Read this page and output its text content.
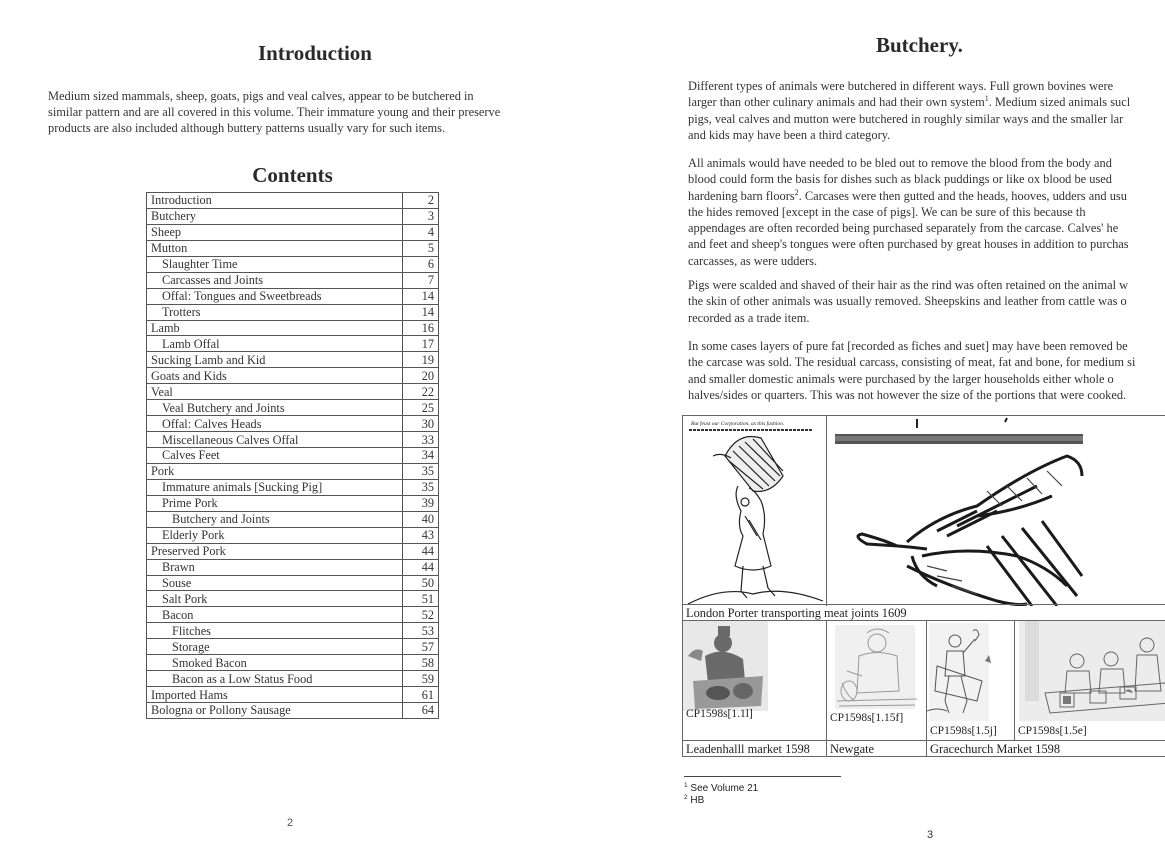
Introduction
Medium sized mammals, sheep, goats, pigs and veal calves, appear to be butchered in
similar pattern and are all covered in this volume. Their immature young and their preserve
products are also included although buttery patterns usually vary for such items.
Contents
Introduction	2
Butchery	3
Sheep	4
Mutton	5
Slaughter Time	6
Carcasses and Joints	7
Offal: Tongues and Sweetbreads	14
Trotters	14
Lamb	16
Lamb Offal	17
Sucking Lamb and Kid	19
Goats and Kids	20
Veal	22
Veal Butchery and Joints	25
Offal: Calves Heads	30
Miscellaneous Calves Offal	33
Calves Feet	34
Pork	35
Immature animals [Sucking Pig]	35
Prime Pork	39
Butchery and Joints	40
Elderly Pork	43
Preserved Pork	44
Brawn	44
Souse	50
Salt Pork	51
Bacon	52
Flitches	53
Storage	57
Smoked Bacon	58
Bacon as a Low Status Food	59
Imported Hams	61
Bologna or Pollony Sausage	64
2
Butchery.
Different types of animals were butchered in different ways. Full grown bovines were
larger than other culinary animals and had their own system$^1$. Medium sized animals sucl
pigs, veal calves and mutton were butchered in roughly similar ways and the smaller lar
and kids may have been a third category.
All animals would have needed to be bled out to remove the blood from the body and
blood could form the basis for dishes such as black puddings or like ox blood be used
hardening barn floors$^2$. Carcases were then gutted and the heads, hooves, udders and usu
the hides removed [except in the case of pigs]. We can be sure of this because th
appendages are often recorded being purchased separately from the carcase. Calves' he
and feet and sheep's tongues were often purchased by great houses in addition to purchas
carcasses, as were udders.
Pigs were scalded and shaved of their hair as the rind was often retained on the animal w
the skin of other animals was usually removed. Sheepskins and leather from cattle was o
recorded as a trade item.
In some cases layers of pure fat [recorded as fiches and suet] may have been removed be
the carcase was sold. The residual carcass, consisting of meat, fat and bone, for medium si
and smaller domestic animals were purchased by the larger households either whole o
halves/sides or quarters. This was not however the size of the portions that were cooked.
But feast our Corporation, as this fashion.
London Porter transporting meat joints 1609
CP1598s[1.1l]	CP1598s[1.15f]
CP1598s[1.5j] CP1598s[1.5e]
Leadenhalll market 1598	Newgate	Gracechurch Market 1598
$^1$ See Volume 21
$^2$ HB
3
